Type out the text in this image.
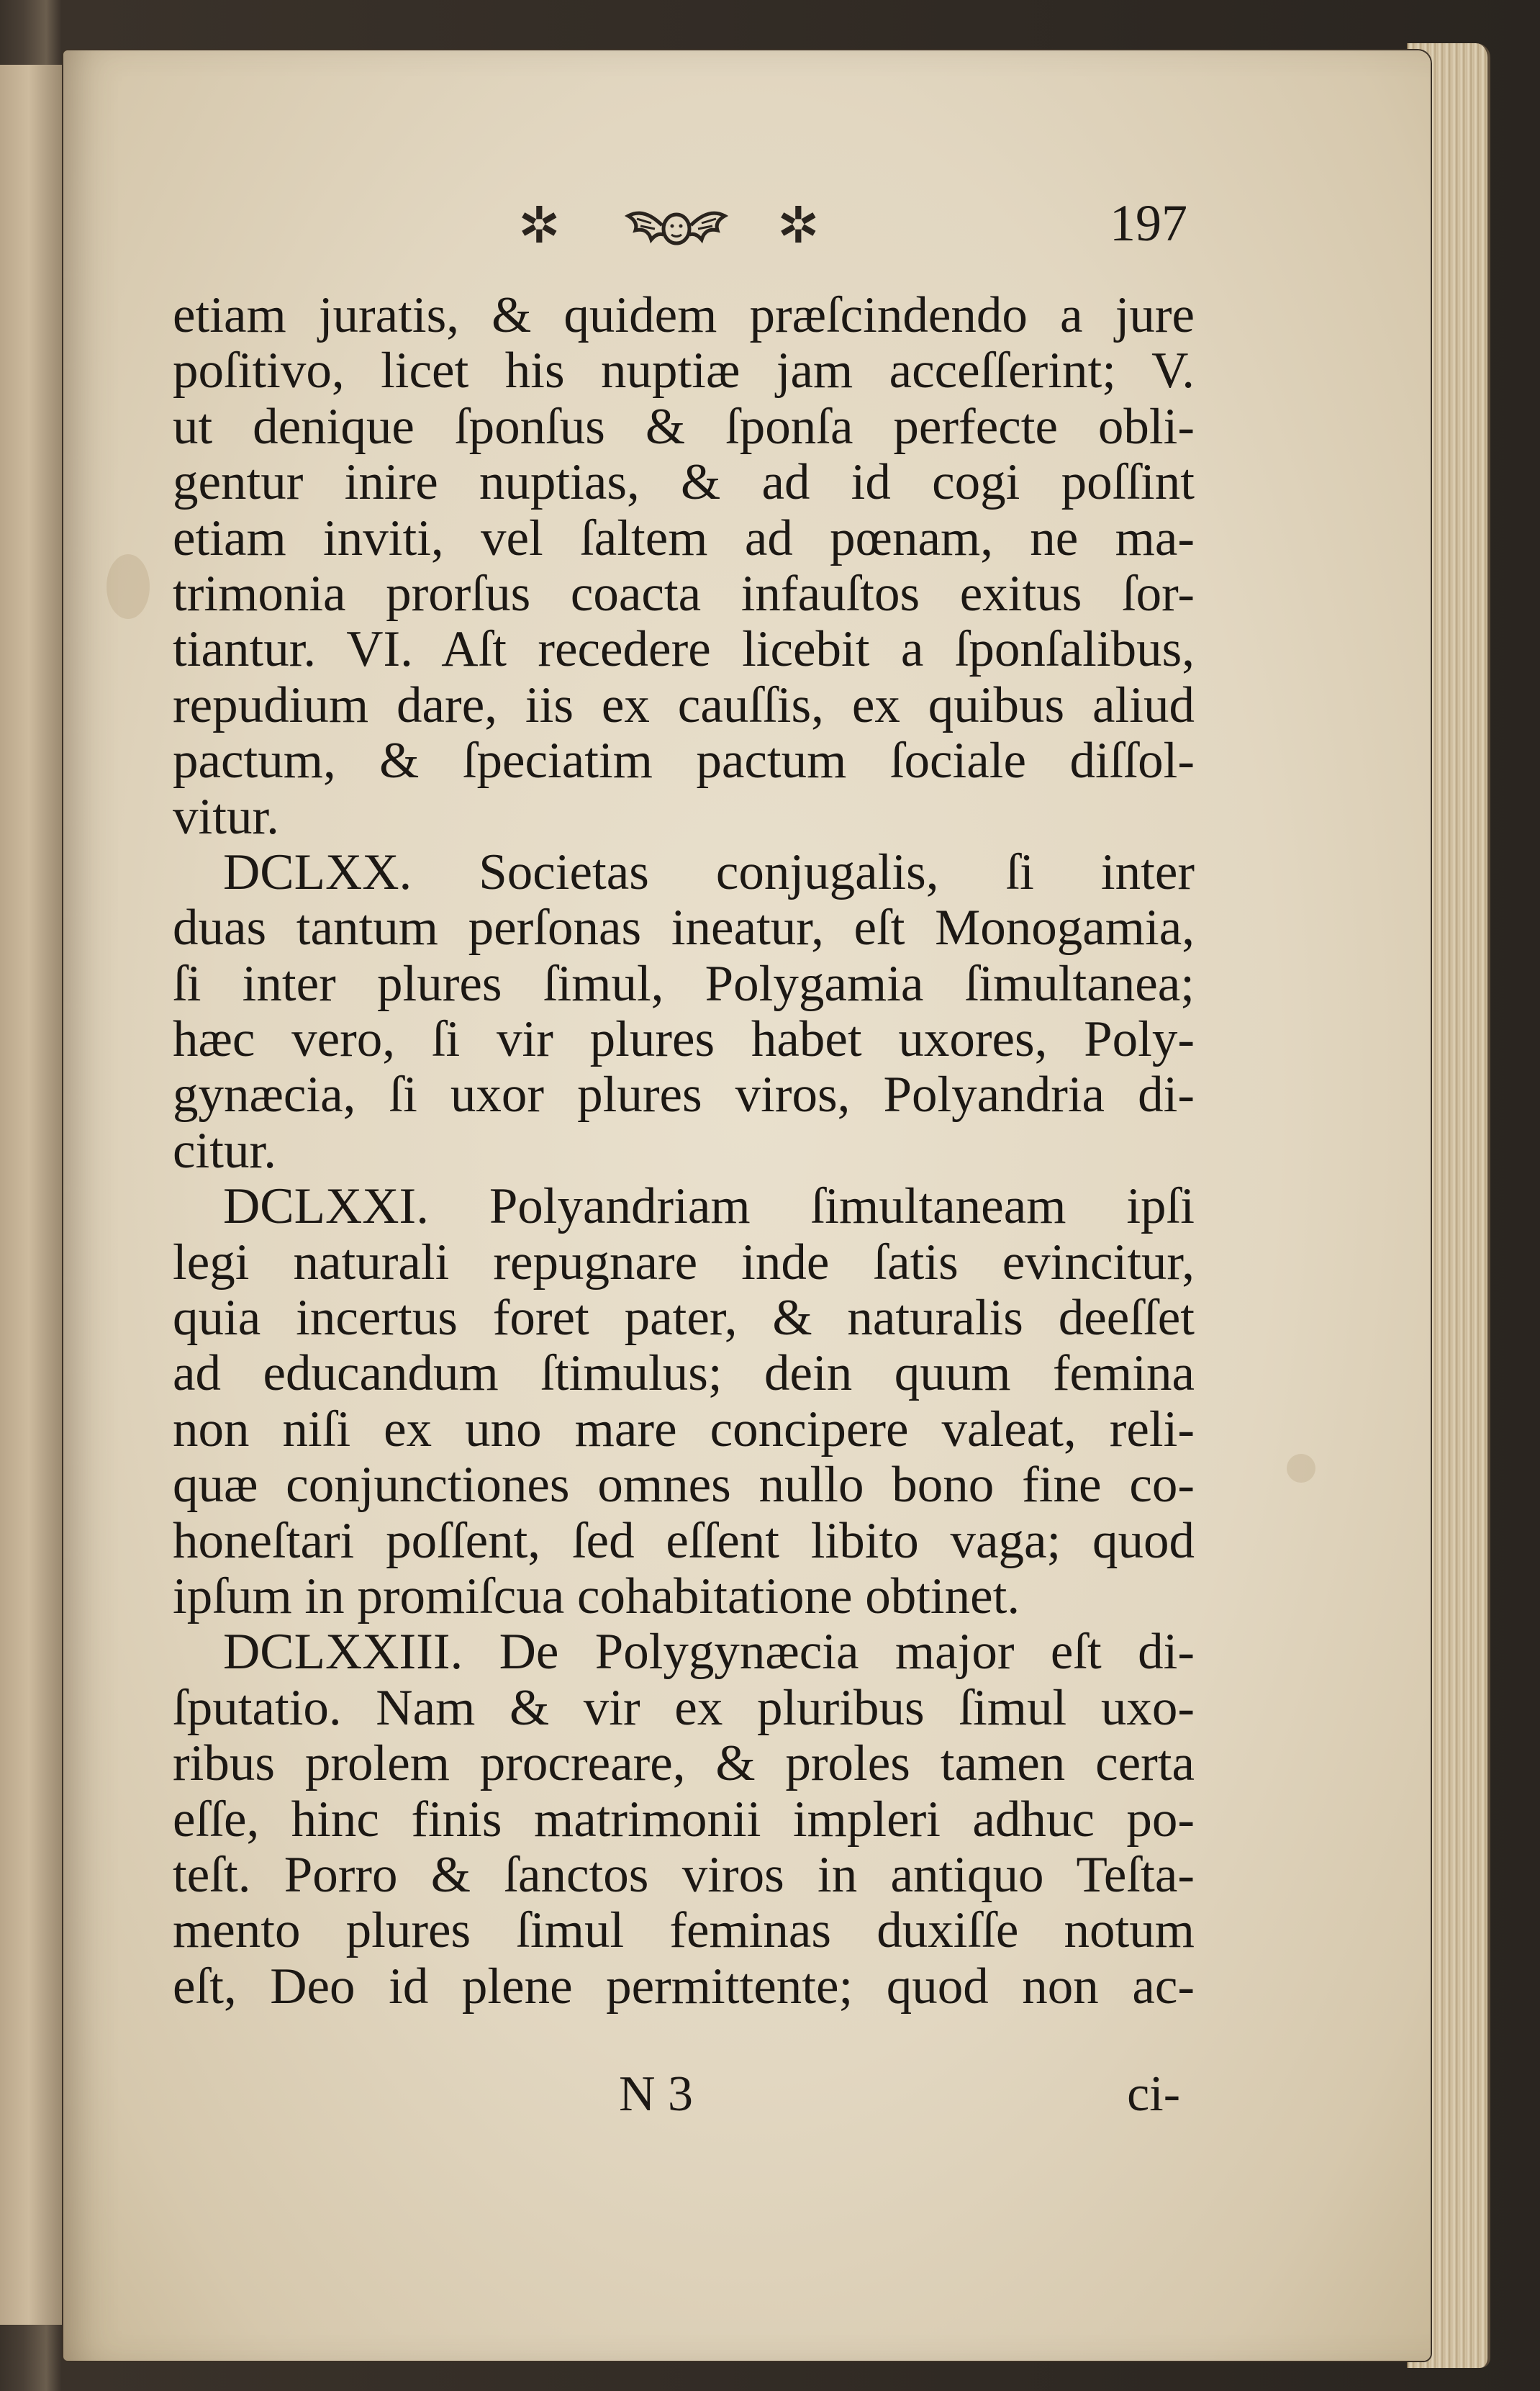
✲	✲	197
etiam juratis, & quidem præſcindendo a jure
poſitivo, licet his nuptiæ jam acceſſerint; V.
ut denique ſponſus & ſponſa perfecte obli-
gentur inire nuptias, & ad id cogi poſſint
etiam inviti, vel ſaltem ad pœnam, ne ma-
trimonia prorſus coacta infauſtos exitus ſor-
tiantur. VI. Aſt recedere licebit a ſponſalibus,
repudium dare, iis ex cauſſis, ex quibus aliud
pactum, & ſpeciatim pactum ſociale diſſol-
vitur.
DCLXX. Societas conjugalis, ſi inter
duas tantum perſonas ineatur, eſt Monogamia,
ſi inter plures ſimul, Polygamia ſimultanea;
hæc vero, ſi vir plures habet uxores, Poly-
gynæcia, ſi uxor plures viros, Polyandria di-
citur.
DCLXXI. Polyandriam ſimultaneam ipſi
legi naturali repugnare inde ſatis evincitur,
quia incertus foret pater, & naturalis deeſſet
ad educandum ſtimulus; dein quum femina
non niſi ex uno mare concipere valeat, reli-
quæ conjunctiones omnes nullo bono fine co-
honeſtari poſſent, ſed eſſent libito vaga; quod
ipſum in promiſcua cohabitatione obtinet.
DCLXXIII. De Polygynæcia major eſt di-
ſputatio. Nam & vir ex pluribus ſimul uxo-
ribus prolem procreare, & proles tamen certa
eſſe, hinc finis matrimonii impleri adhuc po-
teſt. Porro & ſanctos viros in antiquo Teſta-
mento plures ſimul feminas duxiſſe notum
eſt, Deo id plene permittente; quod non ac-
N 3	ci-
